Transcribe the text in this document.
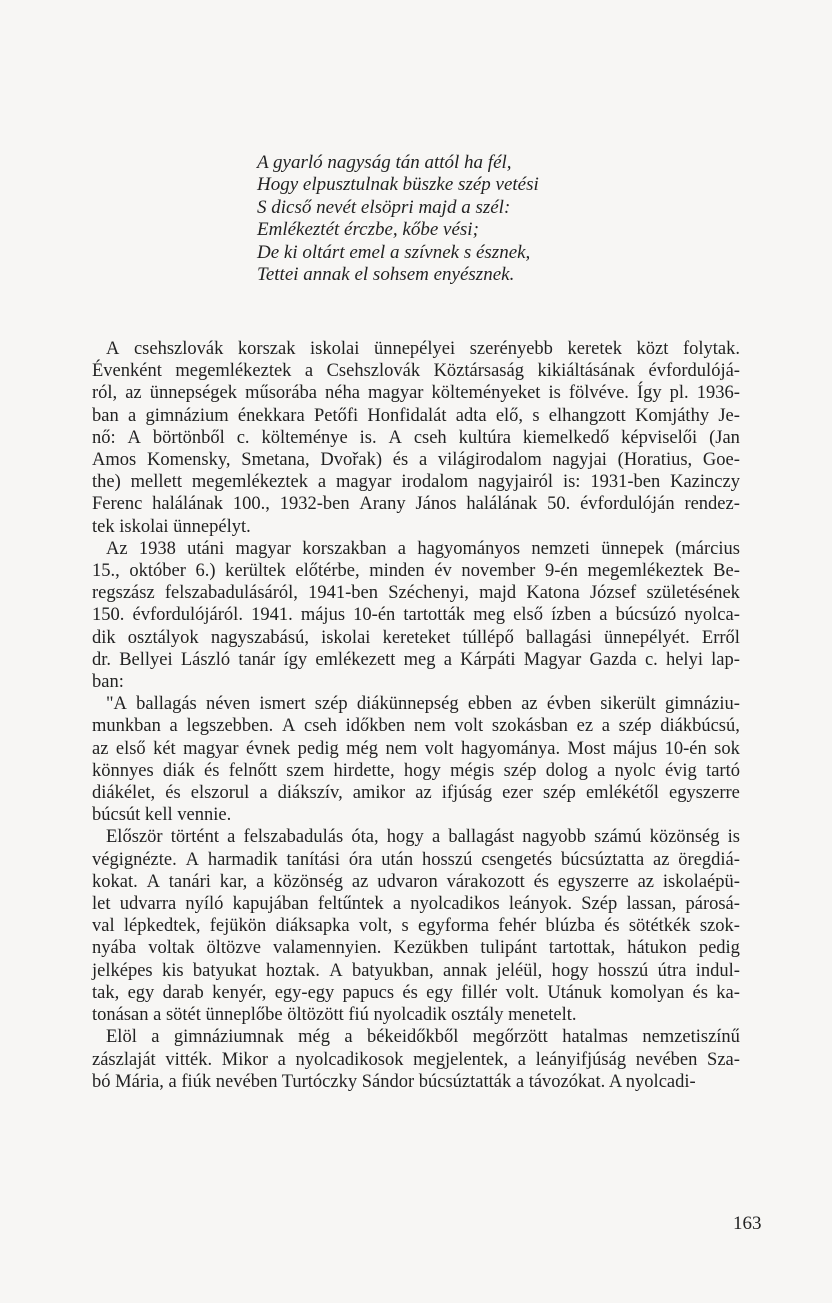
A gyarló nagyság tán attól ha fél,
Hogy elpusztulnak büszke szép vetési
S dicső nevét elsöpri majd a szél:
Emlékeztét érczbe, kőbe vési;
De ki oltárt emel a szívnek s észnek,
Tettei annak el sohsem enyésznek.
A csehszlovák korszak iskolai ünnepélyei szerényebb keretek közt folytak.
Évenként megemlékeztek a Csehszlovák Köztársaság kikiáltásának évfordulójá-
ról, az ünnepségek műsorába néha magyar költeményeket is fölvéve. Így pl. 1936-
ban a gimnázium énekkara Petőfi Honfidalát adta elő, s elhangzott Komjáthy Je-
nő: A börtönből c. költeménye is. A cseh kultúra kiemelkedő képviselői (Jan
Amos Komensky, Smetana, Dvořak) és a világirodalom nagyjai (Horatius, Goe-
the) mellett megemlékeztek a magyar irodalom nagyjairól is: 1931-ben Kazinczy
Ferenc halálának 100., 1932-ben Arany János halálának 50. évfordulóján rendez-
tek iskolai ünnepélyt.
Az 1938 utáni magyar korszakban a hagyományos nemzeti ünnepek (március
15., október 6.) kerültek előtérbe, minden év november 9-én megemlékeztek Be-
regszász felszabadulásáról, 1941-ben Széchenyi, majd Katona József születésének
150. évfordulójáról. 1941. május 10-én tartották meg első ízben a búcsúzó nyolca-
dik osztályok nagyszabású, iskolai kereteket túllépő ballagási ünnepélyét. Erről
dr. Bellyei László tanár így emlékezett meg a Kárpáti Magyar Gazda c. helyi lap-
ban:
"A ballagás néven ismert szép diákünnepség ebben az évben sikerült gimnáziu-
munkban a legszebben. A cseh időkben nem volt szokásban ez a szép diákbúcsú,
az első két magyar évnek pedig még nem volt hagyománya. Most május 10-én sok
könnyes diák és felnőtt szem hirdette, hogy mégis szép dolog a nyolc évig tartó
diákélet, és elszorul a diákszív, amikor az ifjúság ezer szép emlékétől egyszerre
búcsút kell vennie.
Először történt a felszabadulás óta, hogy a ballagást nagyobb számú közönség is
végignézte. A harmadik tanítási óra után hosszú csengetés búcsúztatta az öregdiá-
kokat. A tanári kar, a közönség az udvaron várakozott és egyszerre az iskolaépü-
let udvarra nyíló kapujában feltűntek a nyolcadikos leányok. Szép lassan, párosá-
val lépkedtek, fejükön diáksapka volt, s egyforma fehér blúzba és sötétkék szok-
nyába voltak öltözve valamennyien. Kezükben tulipánt tartottak, hátukon pedig
jelképes kis batyukat hoztak. A batyukban, annak jeléül, hogy hosszú útra indul-
tak, egy darab kenyér, egy-egy papucs és egy fillér volt. Utánuk komolyan és ka-
tonásan a sötét ünneplőbe öltözött fiú nyolcadik osztály menetelt.
Elöl a gimnáziumnak még a békeidőkből megőrzött hatalmas nemzetiszínű
zászlaját vitték. Mikor a nyolcadikosok megjelentek, a leányifjúság nevében Sza-
bó Mária, a fiúk nevében Turtóczky Sándor búcsúztatták a távozókat. A nyolcadi-
163
